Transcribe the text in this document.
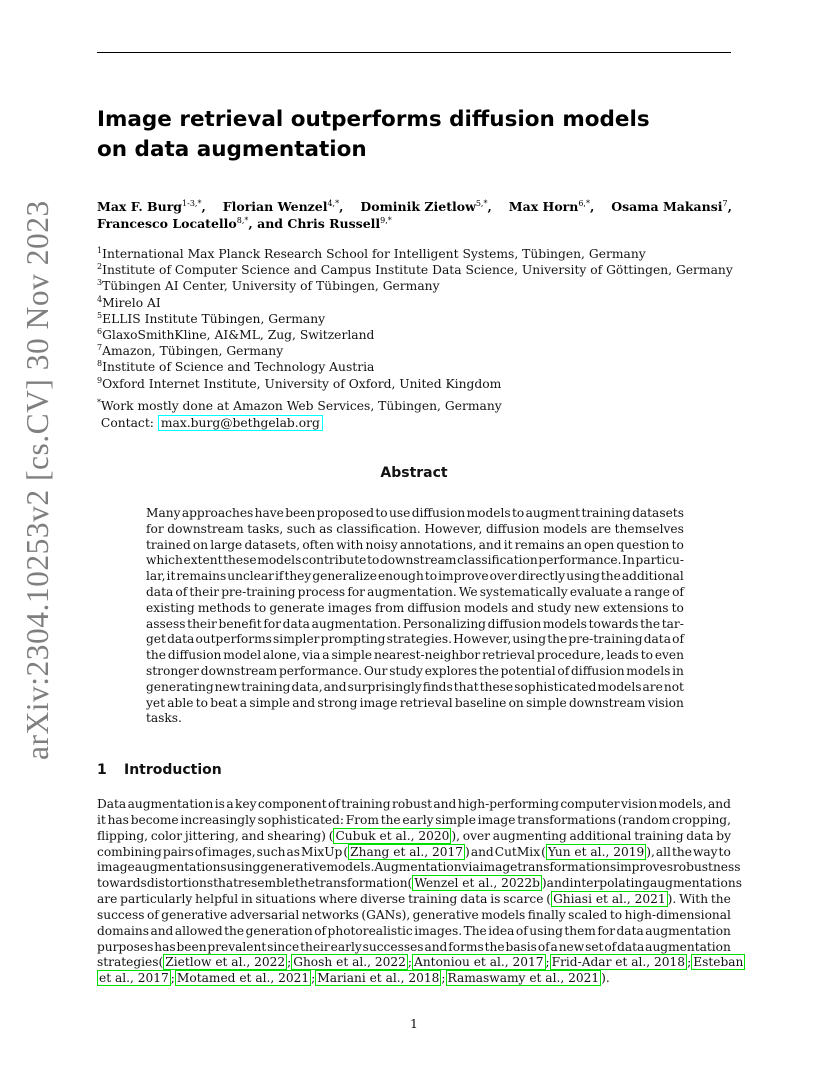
arXiv:2304.10253v2 [cs.CV] 30 Nov 2023
Image retrieval outperforms diffusion models
on data augmentation
Max F. Burg$^{1-3,*}$, Florian Wenzel$^{4,*}$, Dominik Zietlow$^{5,*}$, Max Horn$^{6,*}$, Osama Makansi$^7$,
Francesco Locatello$^{8,*}$, and Chris Russell$^{9,*}$
$^1$International Max Planck Research School for Intelligent Systems, Tübingen, Germany
$^2$Institute of Computer Science and Campus Institute Data Science, University of Göttingen, Germany
$^3$Tübingen AI Center, University of Tübingen, Germany
$^4$Mirelo AI
$^5$ELLIS Institute Tübingen, Germany
$^6$GlaxoSmithKline, AI&ML, Zug, Switzerland
$^7$Amazon, Tübingen, Germany
$^8$Institute of Science and Technology Austria
$^9$Oxford Internet Institute, University of Oxford, United Kingdom
*Work mostly done at Amazon Web Services, Tübingen, Germany
Contact: max.burg@bethgelab.org
Abstract
Many approaches have been proposed to use diffusion models to augment training datasets
for downstream tasks, such as classification. However, diffusion models are themselves
trained on large datasets, often with noisy annotations, and it remains an open question to
which extent these models contribute to downstream classification performance. In particu-
lar, it remains unclear if they generalize enough to improve over directly using the additional
data of their pre-training process for augmentation. We systematically evaluate a range of
existing methods to generate images from diffusion models and study new extensions to
assess their benefit for data augmentation. Personalizing diffusion models towards the tar-
get data outperforms simpler prompting strategies. However, using the pre-training data of
the diffusion model alone, via a simple nearest-neighbor retrieval procedure, leads to even
stronger downstream performance. Our study explores the potential of diffusion models in
generating new training data, and surprisingly finds that these sophisticated models are not
yet able to beat a simple and strong image retrieval baseline on simple downstream vision
tasks.
1 Introduction
Data augmentation is a key component of training robust and high-performing computer vision models, and
it has become increasingly sophisticated: From the early simple image transformations (random cropping,
flipping, color jittering, and shearing) ( Cubuk et al., 2020 ), over augmenting additional training data by
combining pairs of images, such as MixUp ( Zhang et al., 2017 ) and CutMix ( Yun et al., 2019 ), all the way to
image augmentations using generative models. Augmentation via image transformations improves robustness
towards distortions that resemble the transformation ( Wenzel et al., 2022b ) and interpolating augmentations
are particularly helpful in situations where diverse training data is scarce ( Ghiasi et al., 2021 ). With the
success of generative adversarial networks (GANs), generative models finally scaled to high-dimensional
domains and allowed the generation of photorealistic images. The idea of using them for data augmentation
purposes has been prevalent since their early successes and forms the basis of a new set of data augmentation
strategies ( Zietlow et al., 2022 ; Ghosh et al., 2022 ; Antoniou et al., 2017 ; Frid-Adar et al., 2018 ; Esteban
et al., 2017 ; Motamed et al., 2021 ; Mariani et al., 2018 ; Ramaswamy et al., 2021 ).
1
